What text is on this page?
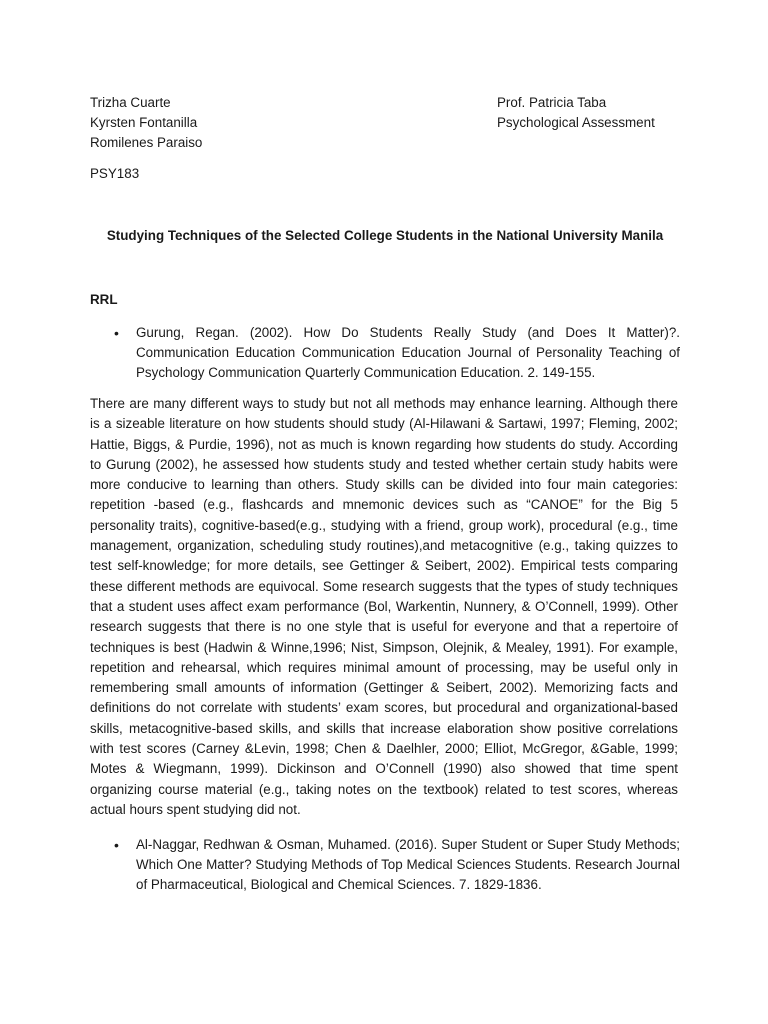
Trizha Cuarte
Kyrsten Fontanilla
Romilenes Paraiso
Prof. Patricia Taba
Psychological Assessment
PSY183
Studying Techniques of the Selected College Students in the National University Manila
RRL
• Gurung, Regan. (2002). How Do Students Really Study (and Does It Matter)?. Communication Education Communication Education Journal of Personality Teaching of Psychology Communication Quarterly Communication Education. 2. 149-155.
There are many different ways to study but not all methods may enhance learning. Although there is a sizeable literature on how students should study (Al-Hilawani & Sartawi, 1997; Fleming, 2002; Hattie, Biggs, & Purdie, 1996), not as much is known regarding how students do study. According to Gurung (2002), he assessed how students study and tested whether certain study habits were more conducive to learning than others. Study skills can be divided into four main categories: repetition -based (e.g., flashcards and mnemonic devices such as “CANOE” for the Big 5 personality traits), cognitive-based(e.g., studying with a friend, group work), procedural (e.g., time management, organization, scheduling study routines),and metacognitive (e.g., taking quizzes to test self-knowledge; for more details, see Gettinger & Seibert, 2002). Empirical tests comparing these different methods are equivocal. Some research suggests that the types of study techniques that a student uses affect exam performance (Bol, Warkentin, Nunnery, & O’Connell, 1999). Other research suggests that there is no one style that is useful for everyone and that a repertoire of techniques is best (Hadwin & Winne,1996; Nist, Simpson, Olejnik, & Mealey, 1991). For example, repetition and rehearsal, which requires minimal amount of processing, may be useful only in remembering small amounts of information (Gettinger & Seibert, 2002). Memorizing facts and definitions do not correlate with students’ exam scores, but procedural and organizational-based skills, metacognitive-based skills, and skills that increase elaboration show positive correlations with test scores (Carney &Levin, 1998; Chen & Daelhler, 2000; Elliot, McGregor, &Gable, 1999; Motes & Wiegmann, 1999). Dickinson and O’Connell (1990) also showed that time spent organizing course material (e.g., taking notes on the textbook) related to test scores, whereas actual hours spent studying did not.
• Al-Naggar, Redhwan & Osman, Muhamed. (2016). Super Student or Super Study Methods; Which One Matter? Studying Methods of Top Medical Sciences Students. Research Journal of Pharmaceutical, Biological and Chemical Sciences. 7. 1829-1836.
